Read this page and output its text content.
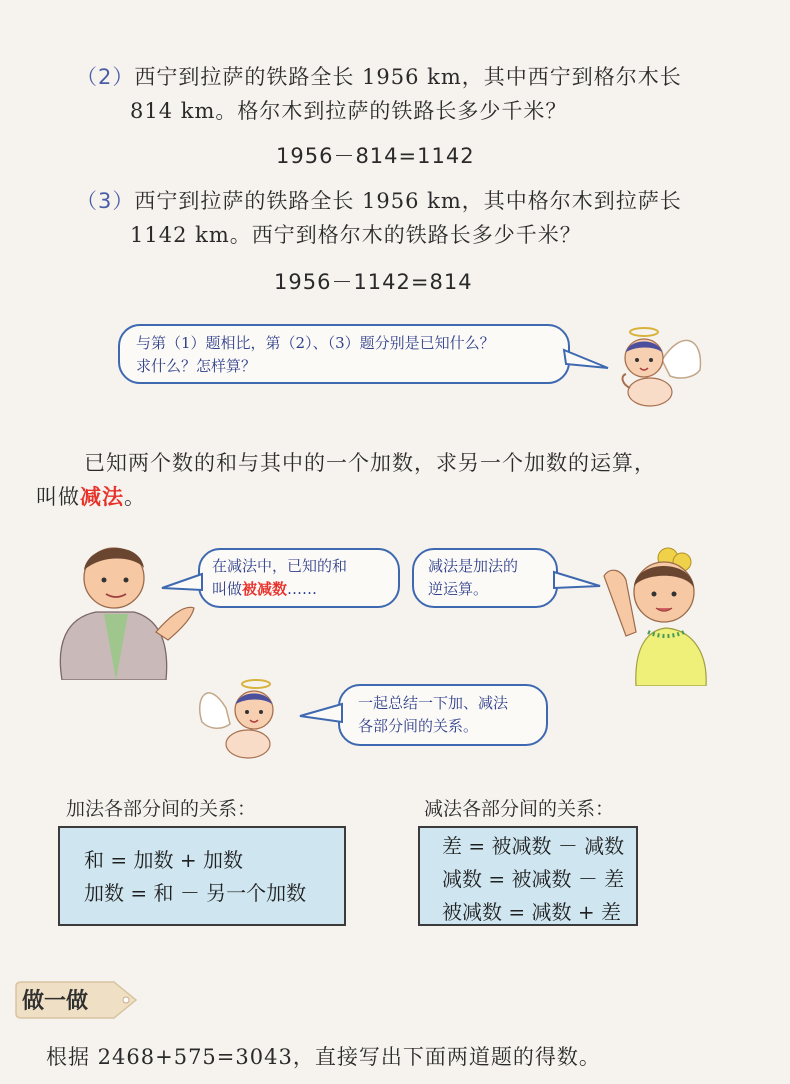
（2）西宁到拉萨的铁路全长 1956 km，其中西宁到格尔木长
814 km。格尔木到拉萨的铁路长多少千米？
1956－814=1142
（3）西宁到拉萨的铁路全长 1956 km，其中格尔木到拉萨长
1142 km。西宁到格尔木的铁路长多少千米？
1956－1142=814
与第（1）题相比，第（2）、（3）题分别是已知什么？
求什么？怎样算？
已知两个数的和与其中的一个加数，求另一个加数的运算，
叫做减法。
在减法中，已知的和
叫做被减数……
减法是加法的
逆运算。
一起总结一下加、减法
各部分间的关系。
加法各部分间的关系：
和 = 加数 + 加数
加数 = 和 － 另一个加数
减法各部分间的关系：
差 = 被减数 － 减数
减数 = 被减数 － 差
被减数 = 减数 + 差
做一做
根据 2468+575=3043，直接写出下面两道题的得数。
